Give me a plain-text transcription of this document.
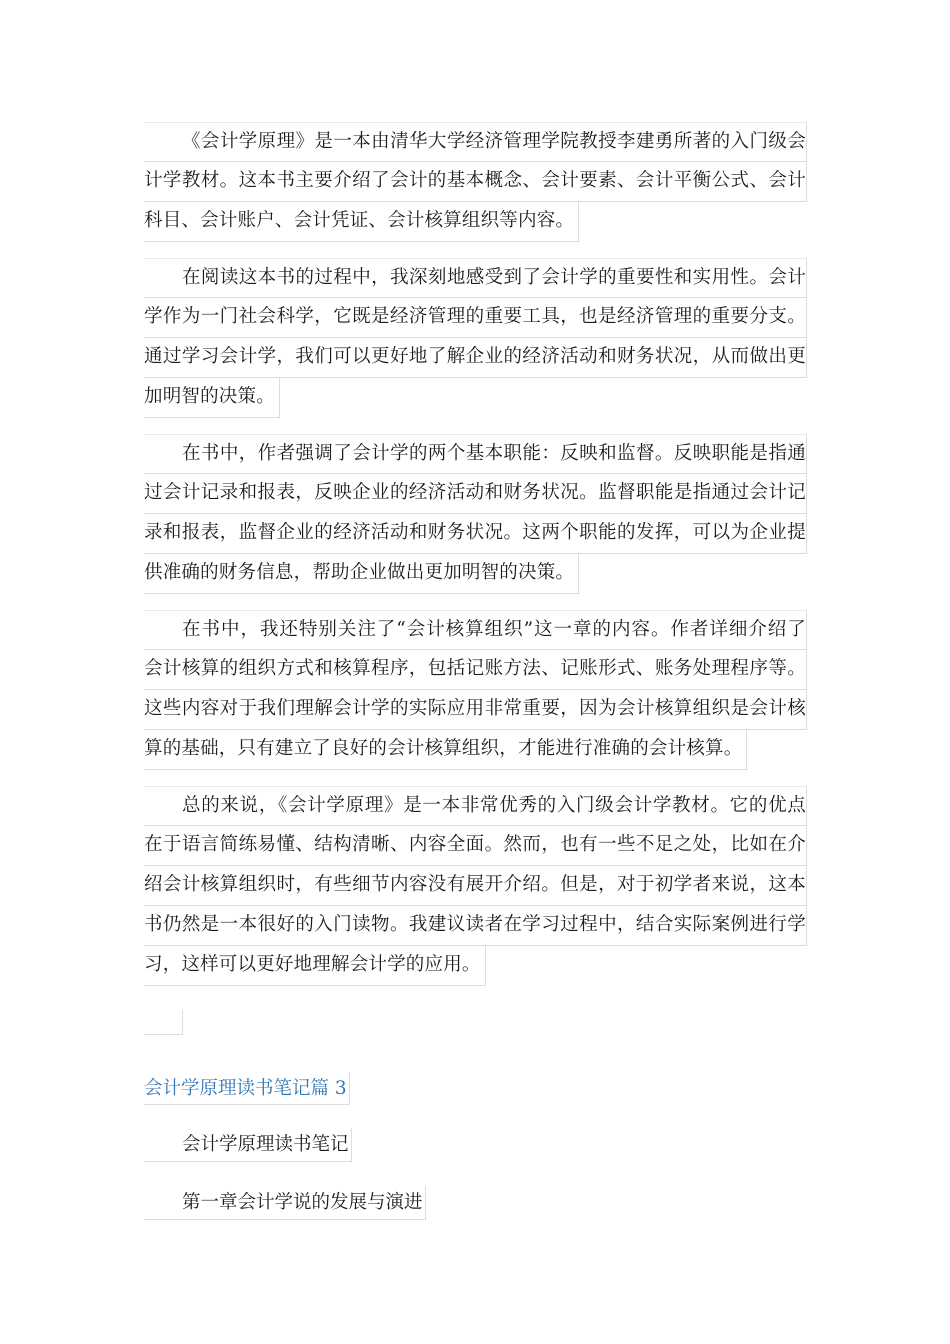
《会计学原理》是一本由清华大学经济管理学院教授李建勇所著的入门级会
计学教材。这本书主要介绍了会计的基本概念、会计要素、会计平衡公式、会计
科目、会计账户、会计凭证、会计核算组织等内容。
在阅读这本书的过程中，我深刻地感受到了会计学的重要性和实用性。会计
学作为一门社会科学，它既是经济管理的重要工具，也是经济管理的重要分支。
通过学习会计学，我们可以更好地了解企业的经济活动和财务状况，从而做出更
加明智的决策。
在书中，作者强调了会计学的两个基本职能：反映和监督。反映职能是指通
过会计记录和报表，反映企业的经济活动和财务状况。监督职能是指通过会计记
录和报表，监督企业的经济活动和财务状况。这两个职能的发挥，可以为企业提
供准确的财务信息，帮助企业做出更加明智的决策。
在书中，我还特别关注了“会计核算组织”这一章的内容。作者详细介绍了
会计核算的组织方式和核算程序，包括记账方法、记账形式、账务处理程序等。
这些内容对于我们理解会计学的实际应用非常重要，因为会计核算组织是会计核
算的基础，只有建立了良好的会计核算组织，才能进行准确的会计核算。
总的来说，《会计学原理》是一本非常优秀的入门级会计学教材。它的优点
在于语言简练易懂、结构清晰、内容全面。然而，也有一些不足之处，比如在介
绍会计核算组织时，有些细节内容没有展开介绍。但是，对于初学者来说，这本
书仍然是一本很好的入门读物。我建议读者在学习过程中，结合实际案例进行学
习，这样可以更好地理解会计学的应用。
会计学原理读书笔记篇 3
会计学原理读书笔记
第一章会计学说的发展与演进
